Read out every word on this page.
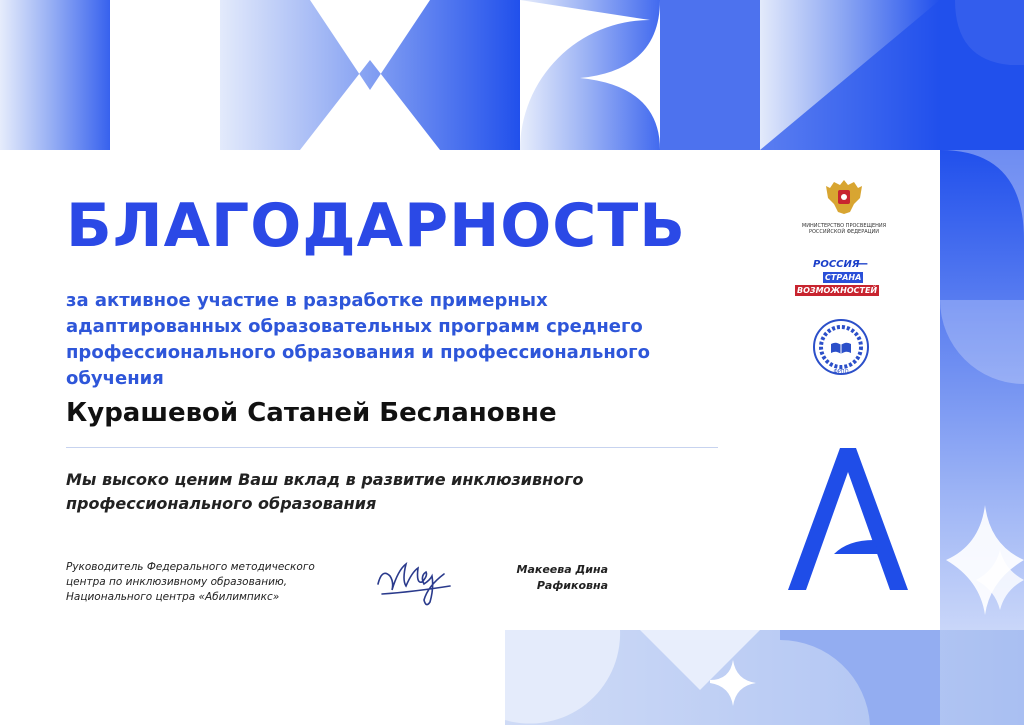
БЛАГОДАРНОСТЬ

за активное участие в разработке примерных адаптированных образовательных программ среднего профессионального образования и профессионального обучения

Курашевой Сатаней Беслановне

Мы высоко ценим Ваш вклад в развитие инклюзивного профессионального образования

Руководитель Федерального методического центра по инклюзивному образованию, Национального центра «Абилимпикс»

Макеева Дина Рафиковна

МИНИСТЕРСТВО ПРОСВЕЩЕНИЯ РОССИЙСКОЙ ФЕДЕРАЦИИ
РОССИЯ
—
СТРАНА
ВОЗМОЖНОСТЕЙ
ФРПО
